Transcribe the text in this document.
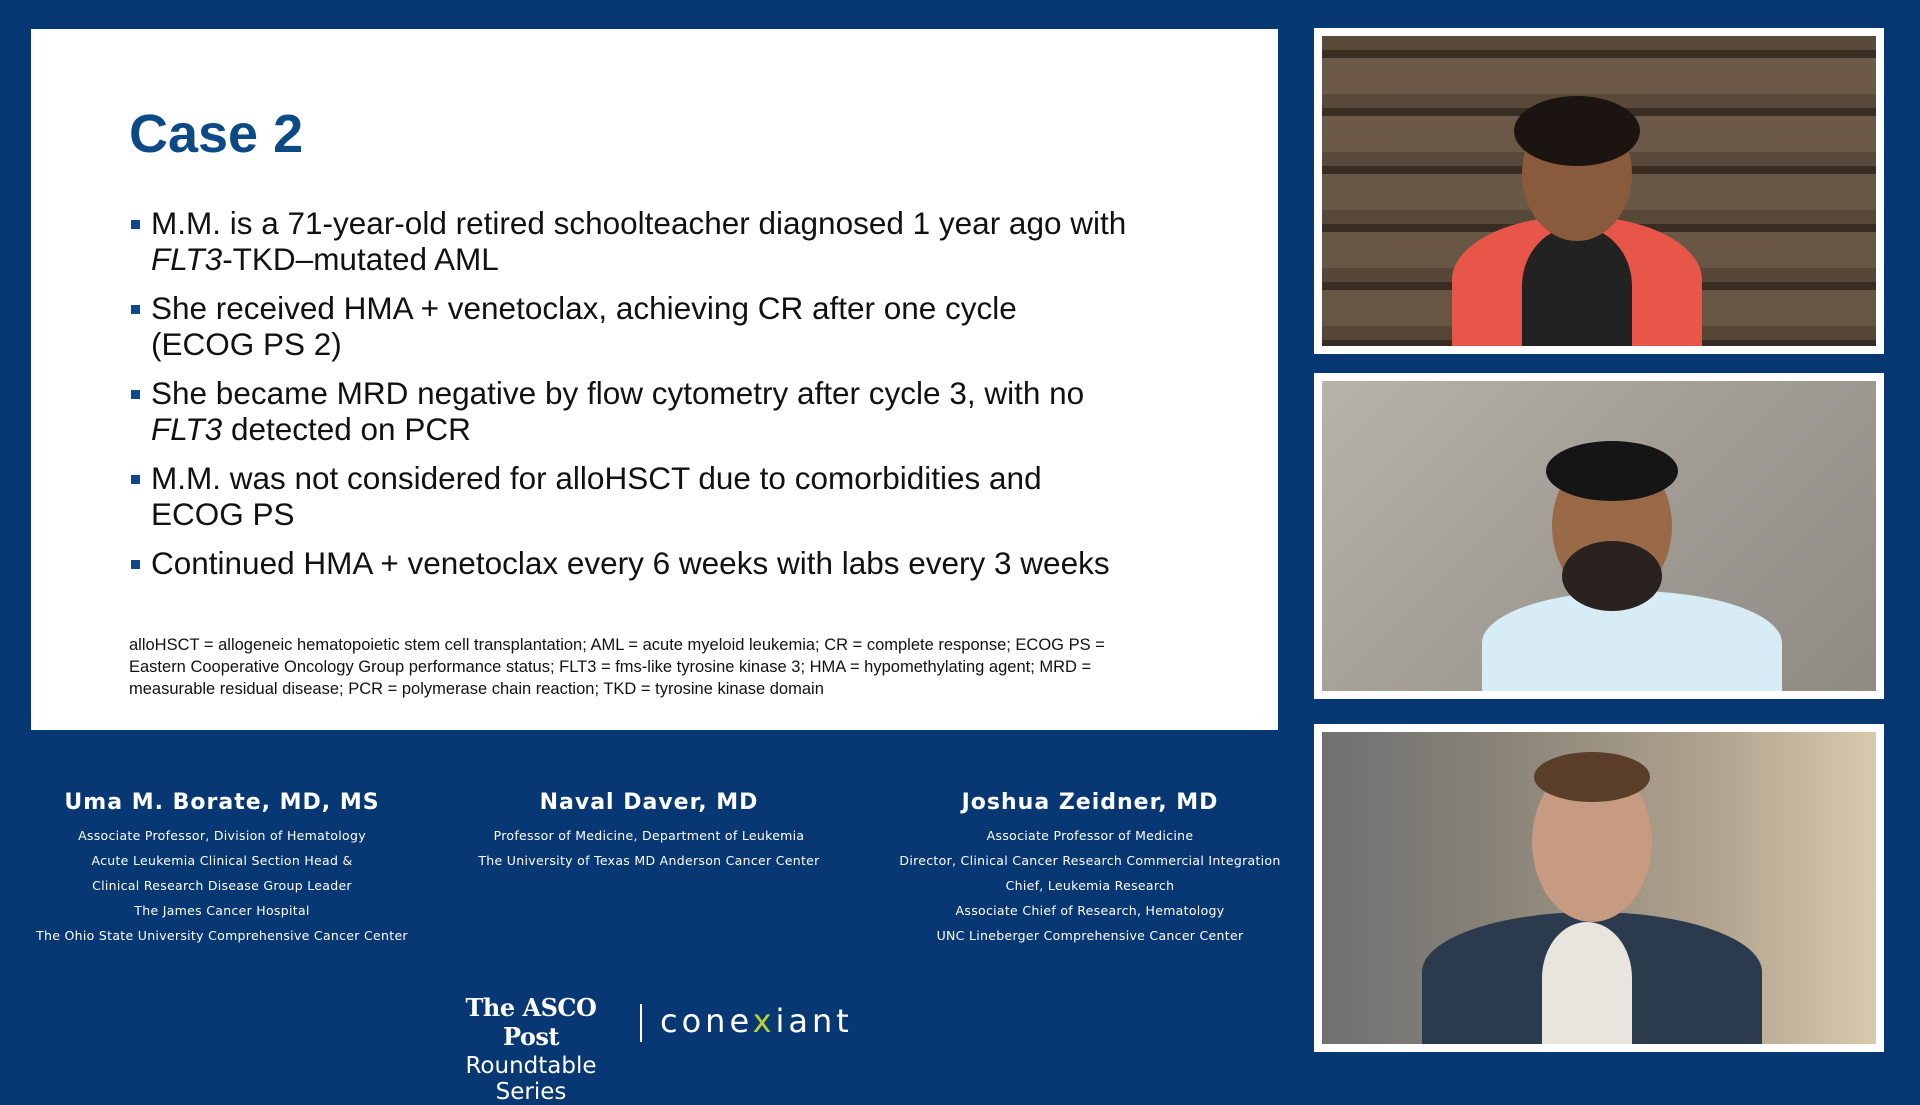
Case 2
M.M. is a 71-year-old retired schoolteacher diagnosed 1 year ago with
FLT3-TKD–mutated AML
She received HMA + venetoclax, achieving CR after one cycle
(ECOG PS 2)
She became MRD negative by flow cytometry after cycle 3, with no
FLT3 detected on PCR
M.M. was not considered for alloHSCT due to comorbidities and
ECOG PS
Continued HMA + venetoclax every 6 weeks with labs every 3 weeks
alloHSCT = allogeneic hematopoietic stem cell transplantation; AML = acute myeloid leukemia; CR = complete response; ECOG PS =
Eastern Cooperative Oncology Group performance status; FLT3 = fms-like tyrosine kinase 3; HMA = hypomethylating agent; MRD =
measurable residual disease; PCR = polymerase chain reaction; TKD = tyrosine kinase domain
Uma M. Borate, MD, MS
Associate Professor, Division of Hematology
Acute Leukemia Clinical Section Head &
Clinical Research Disease Group Leader
The James Cancer Hospital
The Ohio State University Comprehensive Cancer Center
Naval Daver, MD
Professor of Medicine, Department of Leukemia
The University of Texas MD Anderson Cancer Center
Joshua Zeidner, MD
Associate Professor of Medicine
Director, Clinical Cancer Research Commercial Integration
Chief, Leukemia Research
Associate Chief of Research, Hematology
UNC Lineberger Comprehensive Cancer Center
The ASCO Post
Roundtable Series
conexiant
